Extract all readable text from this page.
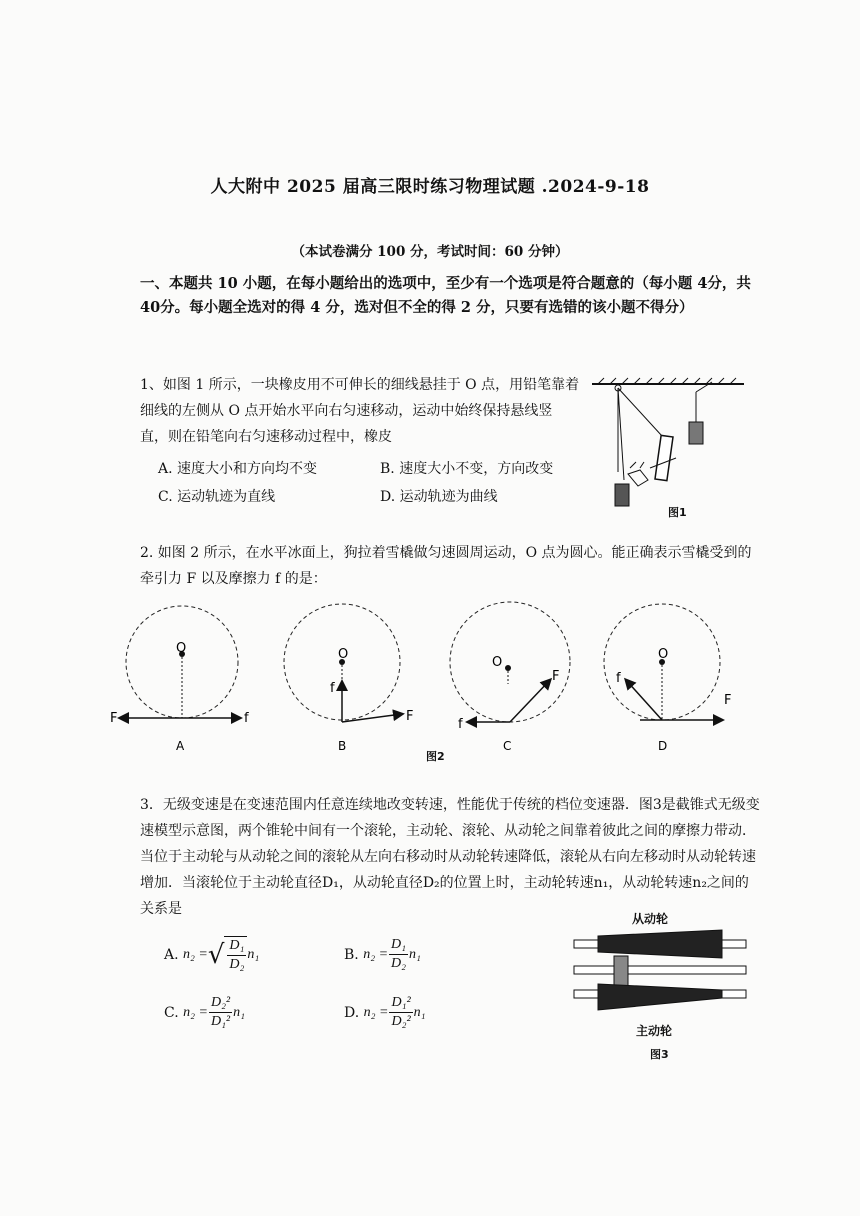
人大附中 2025 届高三限时练习物理试题 .2024-9-18
（本试卷满分 100 分，考试时间：60 分钟）
一、本题共 10 小题，在每小题给出的选项中，至少有一个选项是符合题意的（每小题 4分，共 40分。每小题全选对的得 4 分，选对但不全的得 2 分，只要有选错的该小题不得分）
1、如图 1 所示，一块橡皮用不可伸长的细线悬挂于 O 点，用铅笔靠着细线的左侧从 O 点开始水平向右匀速移动，运动中始终保持悬线竖直，则在铅笔向右匀速移动过程中，橡皮
A. 速度大小和方向均不变	B. 速度大小不变，方向改变
C. 运动轨迹为直线	D. 运动轨迹为曲线
图1
2. 如图 2 所示，在水平冰面上，狗拉着雪橇做匀速圆周运动，O 点为圆心。能正确表示雪橇受到的牵引力 F 以及摩擦力 f 的是：
O
F	f
A
O
f
F
B
O
F
f
C
O
f
F
D
图2
3．无级变速是在变速范围内任意连续地改变转速，性能优于传统的档位变速器．图3是截锥式无级变速模型示意图，两个锥轮中间有一个滚轮，主动轮、滚轮、从动轮之间靠着彼此之间的摩擦力带动．当位于主动轮与从动轮之间的滚轮从左向右移动时从动轮转速降低，滚轮从右向左移动时从动轮转速增加．当滚轮位于主动轮直径D₁，从动轮直径D₂的位置上时，主动轮转速n₁，从动轮转速n₂之间的关系是
A.
n₂ = √ $\frac{\text{D₁}}{\text{D₂}} n_1$	B.
$n_2 = \frac{\text{D₁}}{\text{D₂}} n_1$
C.
$n_2 = \frac{\text{D₂²}}{\text{D₁²}} n_1$	D.
$n_2 = \frac{\text{D₁²}}{\text{D₂²}} n_1$
从动轮
主动轮
图3
